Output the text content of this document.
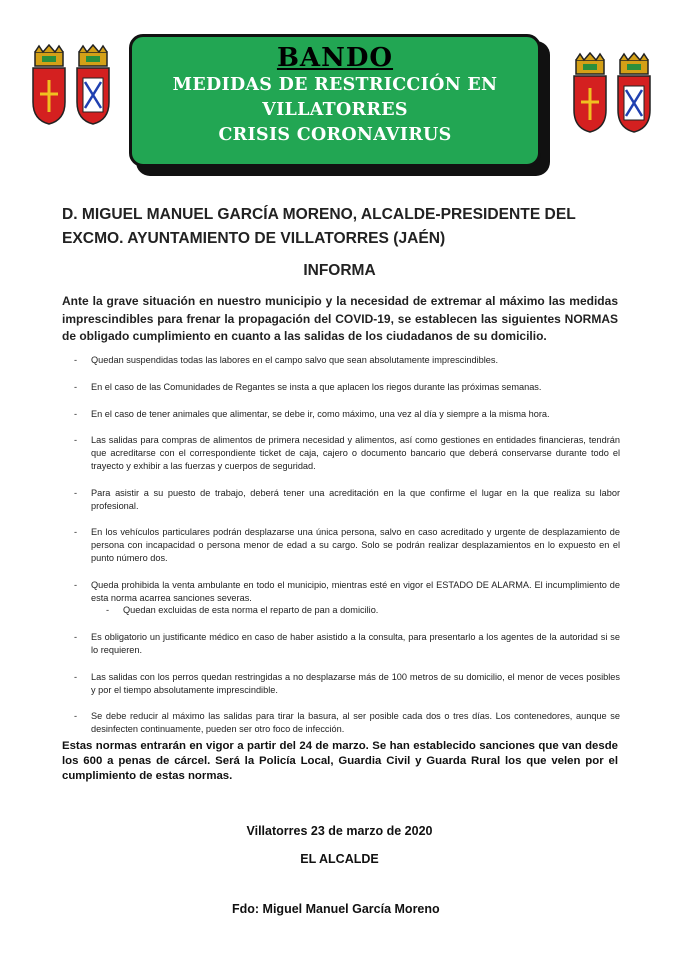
BANDO
MEDIDAS DE RESTRICCIÓN EN
VILLATORRES
CRISIS CORONAVIRUS
D. MIGUEL MANUEL GARCÍA MORENO, ALCALDE-PRESIDENTE DEL EXCMO. AYUNTAMIENTO DE VILLATORRES (JAÉN)
INFORMA
Ante la grave situación en nuestro municipio y la necesidad de extremar al máximo las medidas imprescindibles para frenar la propagación del COVID-19, se establecen las siguientes NORMAS de obligado cumplimiento en cuanto a las salidas de los ciudadanos de su domicilio.
- Quedan suspendidas todas las labores en el campo salvo que sean absolutamente imprescindibles.
- En el caso de las Comunidades de Regantes se insta a que aplacen los riegos durante las próximas semanas.
- En el caso de tener animales que alimentar, se debe ir, como máximo, una vez al día y siempre a la misma hora.
- Las salidas para compras de alimentos de primera necesidad y alimentos, así como gestiones en entidades financieras, tendrán que acreditarse con el correspondiente ticket de caja, cajero o documento bancario que deberá conservarse durante todo el trayecto y exhibir a las fuerzas y cuerpos de seguridad.
- Para asistir a su puesto de trabajo, deberá tener una acreditación en la que confirme el lugar en la que realiza su labor profesional.
- En los vehículos particulares podrán desplazarse una única persona, salvo en caso acreditado y urgente de desplazamiento de persona con incapacidad o persona menor de edad a su cargo. Solo se podrán realizar desplazamientos en lo expuesto en el punto número dos.
- Queda prohibida la venta ambulante en todo el municipio, mientras esté en vigor el ESTADO DE ALARMA. El incumplimiento de esta norma acarrea sanciones severas.
- Quedan excluidas de esta norma el reparto de pan a domicilio.
- Es obligatorio un justificante médico en caso de haber asistido a la consulta, para presentarlo a los agentes de la autoridad si se lo requieren.
- Las salidas con los perros quedan restringidas a no desplazarse más de 100 metros de su domicilio, el menor de veces posibles y por el tiempo absolutamente imprescindible.
- Se debe reducir al máximo las salidas para tirar la basura, al ser posible cada dos o tres días. Los contenedores, aunque se desinfecten continuamente, pueden ser otro foco de infección.
Estas normas entrarán en vigor a partir del 24 de marzo. Se han establecido sanciones que van desde los 600 a penas de cárcel. Será la Policía Local, Guardia Civil y Guarda Rural los que velen por el cumplimiento de estas normas.
Villatorres 23 de marzo de 2020
EL ALCALDE
Fdo: Miguel Manuel García Moreno
